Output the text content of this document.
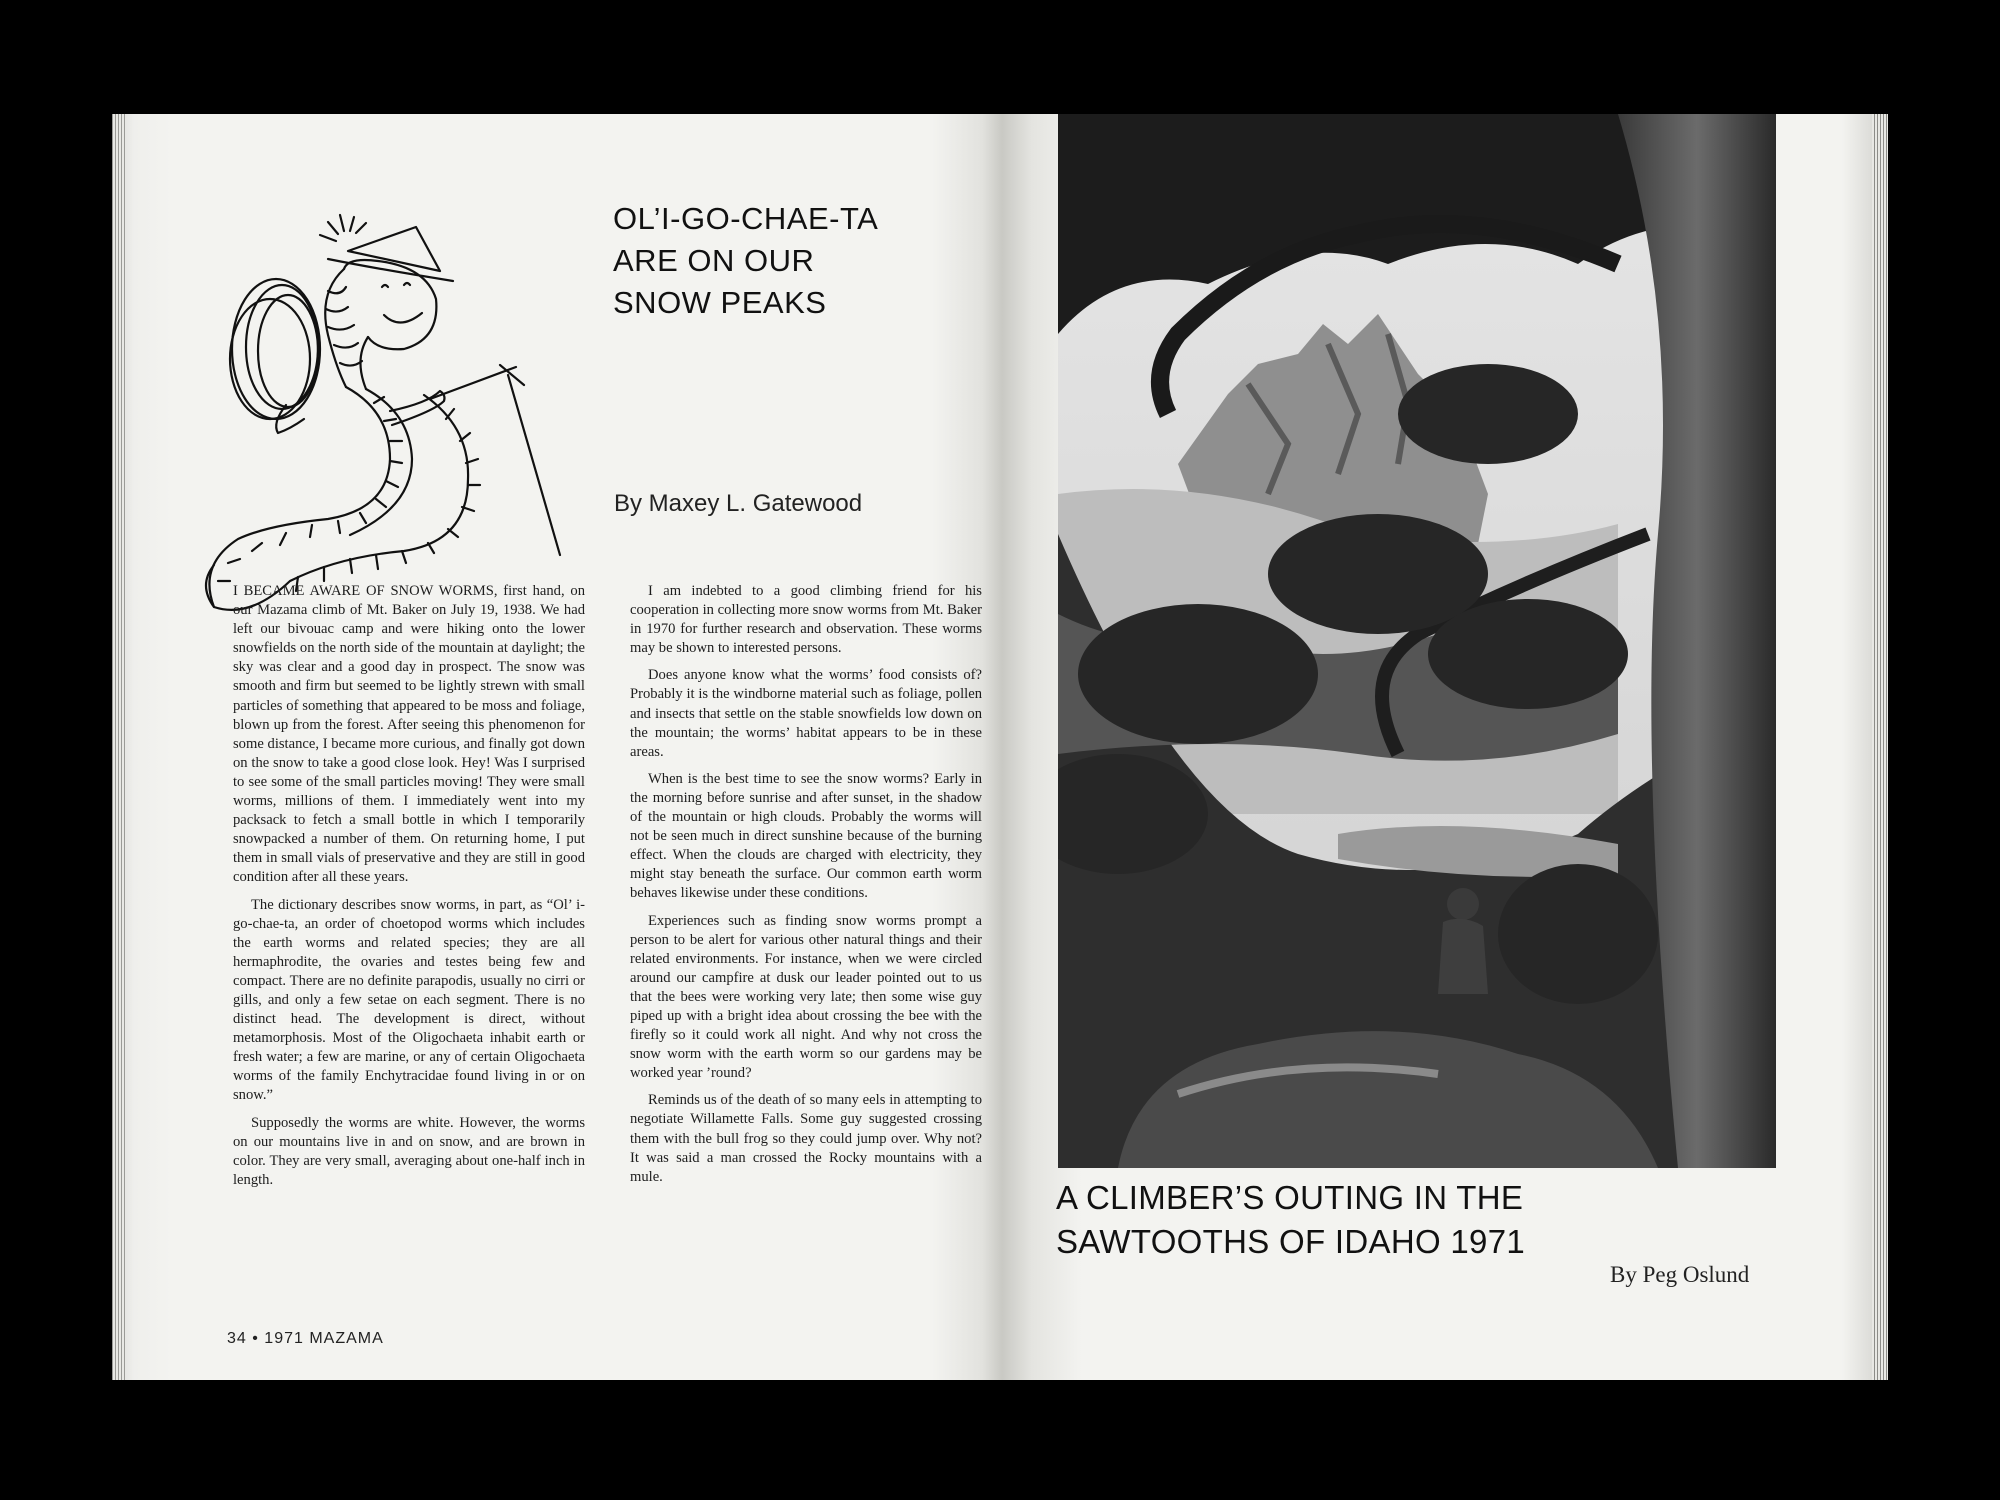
OL’I-GO-CHAE-TA
ARE ON OUR
SNOW PEAKS
By Maxey L. Gatewood

I BECAME AWARE OF SNOW WORMS, first hand, on our Mazama climb of Mt. Baker on July 19, 1938. We had left our bivouac camp and were hiking onto the lower snowfields on the north side of the mountain at daylight; the sky was clear and a good day in prospect. The snow was smooth and firm but seemed to be lightly strewn with small particles of something that appeared to be moss and foliage, blown up from the forest. After seeing this phenomenon for some distance, I became more curious, and finally got down on the snow to take a good close look. Hey! Was I surprised to see some of the small particles moving! They were small worms, millions of them. I immediately went into my packsack to fetch a small bottle in which I temporarily snowpacked a number of them. On returning home, I put them in small vials of preservative and they are still in good condition after all these years.

The dictionary describes snow worms, in part, as “Ol’ i-go-chae-ta, an order of choetopod worms which includes the earth worms and related species; they are all hermaphrodite, the ovaries and testes being few and compact. There are no definite parapodis, usually no cirri or gills, and only a few setae on each segment. There is no distinct head. The development is direct, without metamorphosis. Most of the Oligochaeta inhabit earth or fresh water; a few are marine, or any of certain Oligochaeta worms of the family Enchytracidae found living in or on snow.”

Supposedly the worms are white. However, the worms on our mountains live in and on snow, and are brown in color. They are very small, averaging about one-half inch in length.

I am indebted to a good climbing friend for his cooperation in collecting more snow worms from Mt. Baker in 1970 for further research and observation. These worms may be shown to interested persons.

Does anyone know what the worms’ food consists of? Probably it is the windborne material such as foliage, pollen and insects that settle on the stable snowfields low down on the mountain; the worms’ habitat appears to be in these areas.

When is the best time to see the snow worms? Early in the morning before sunrise and after sunset, in the shadow of the mountain or high clouds. Probably the worms will not be seen much in direct sunshine because of the burning effect. When the clouds are charged with electricity, they might stay beneath the surface. Our common earth worm behaves likewise under these conditions.

Experiences such as finding snow worms prompt a person to be alert for various other natural things and their related environments. For instance, when we were circled around our campfire at dusk our leader pointed out to us that the bees were working very late; then some wise guy piped up with a bright idea about crossing the bee with the firefly so it could work all night. And why not cross the snow worm with the earth worm so our gardens may be worked year ’round?

Reminds us of the death of so many eels in attempting to negotiate Willamette Falls. Some guy suggested crossing them with the bull frog so they could jump over. Why not? It was said a man crossed the Rocky mountains with a mule.

34 • 1971 MAZAMA
A CLIMBER’S OUTING IN THE
SAWTOOTHS OF IDAHO 1971
By Peg Oslund
